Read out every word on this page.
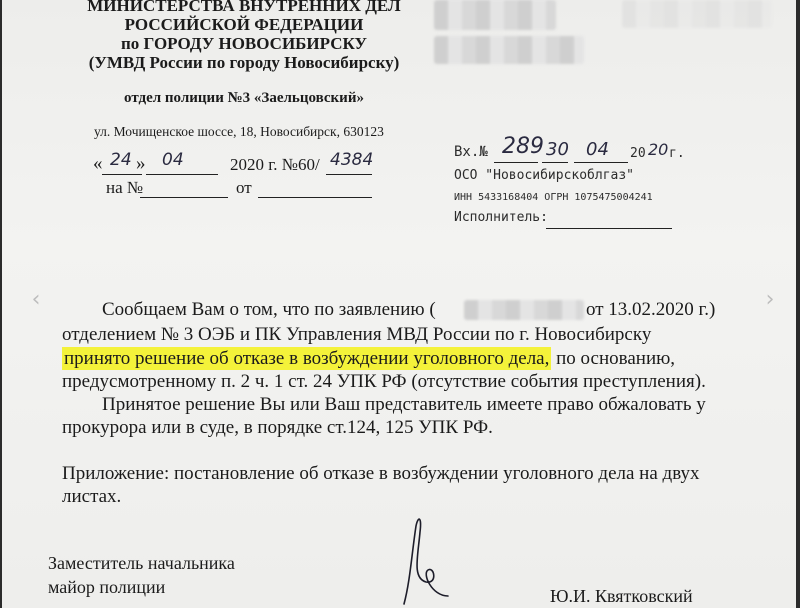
МИНИСТЕРСТВА ВНУТРЕННИХ ДЕЛ
РОССИЙСКОЙ ФЕДЕРАЦИИ
по ГОРОДУ НОВОСИБИРСКУ
(УМВД России по городу Новосибирску)
отдел полиции №3 «Заельцовский»
ул. Мочищенское шоссе, 18, Новосибирск, 630123
« 24 » 04	2020 г. №60/ 4384
на №	от
Вх.№ 289 30 04 20 20 г.
ОСО "Новосибирскоблгаз"
ИНН 5433168404 ОГРН 1075475004241
Исполнитель:
Сообщаем Вам о том, что по заявлению (	от 13.02.2020 г.)
отделением № 3 ОЭБ и ПК Управления МВД России по г. Новосибирску
принято решение об отказе в возбуждении уголовного дела, по основанию,
предусмотренному п. 2 ч. 1 ст. 24 УПК РФ (отсутствие события преступления).
Принятое решение Вы или Ваш представитель имеете право обжаловать у
прокурора или в суде, в порядке ст.124, 125 УПК РФ.
Приложение: постановление об отказе в возбуждении уголовного дела на двух
листах.
Заместитель начальника
майор полиции	Ю.И. Квятковский
‹	›
